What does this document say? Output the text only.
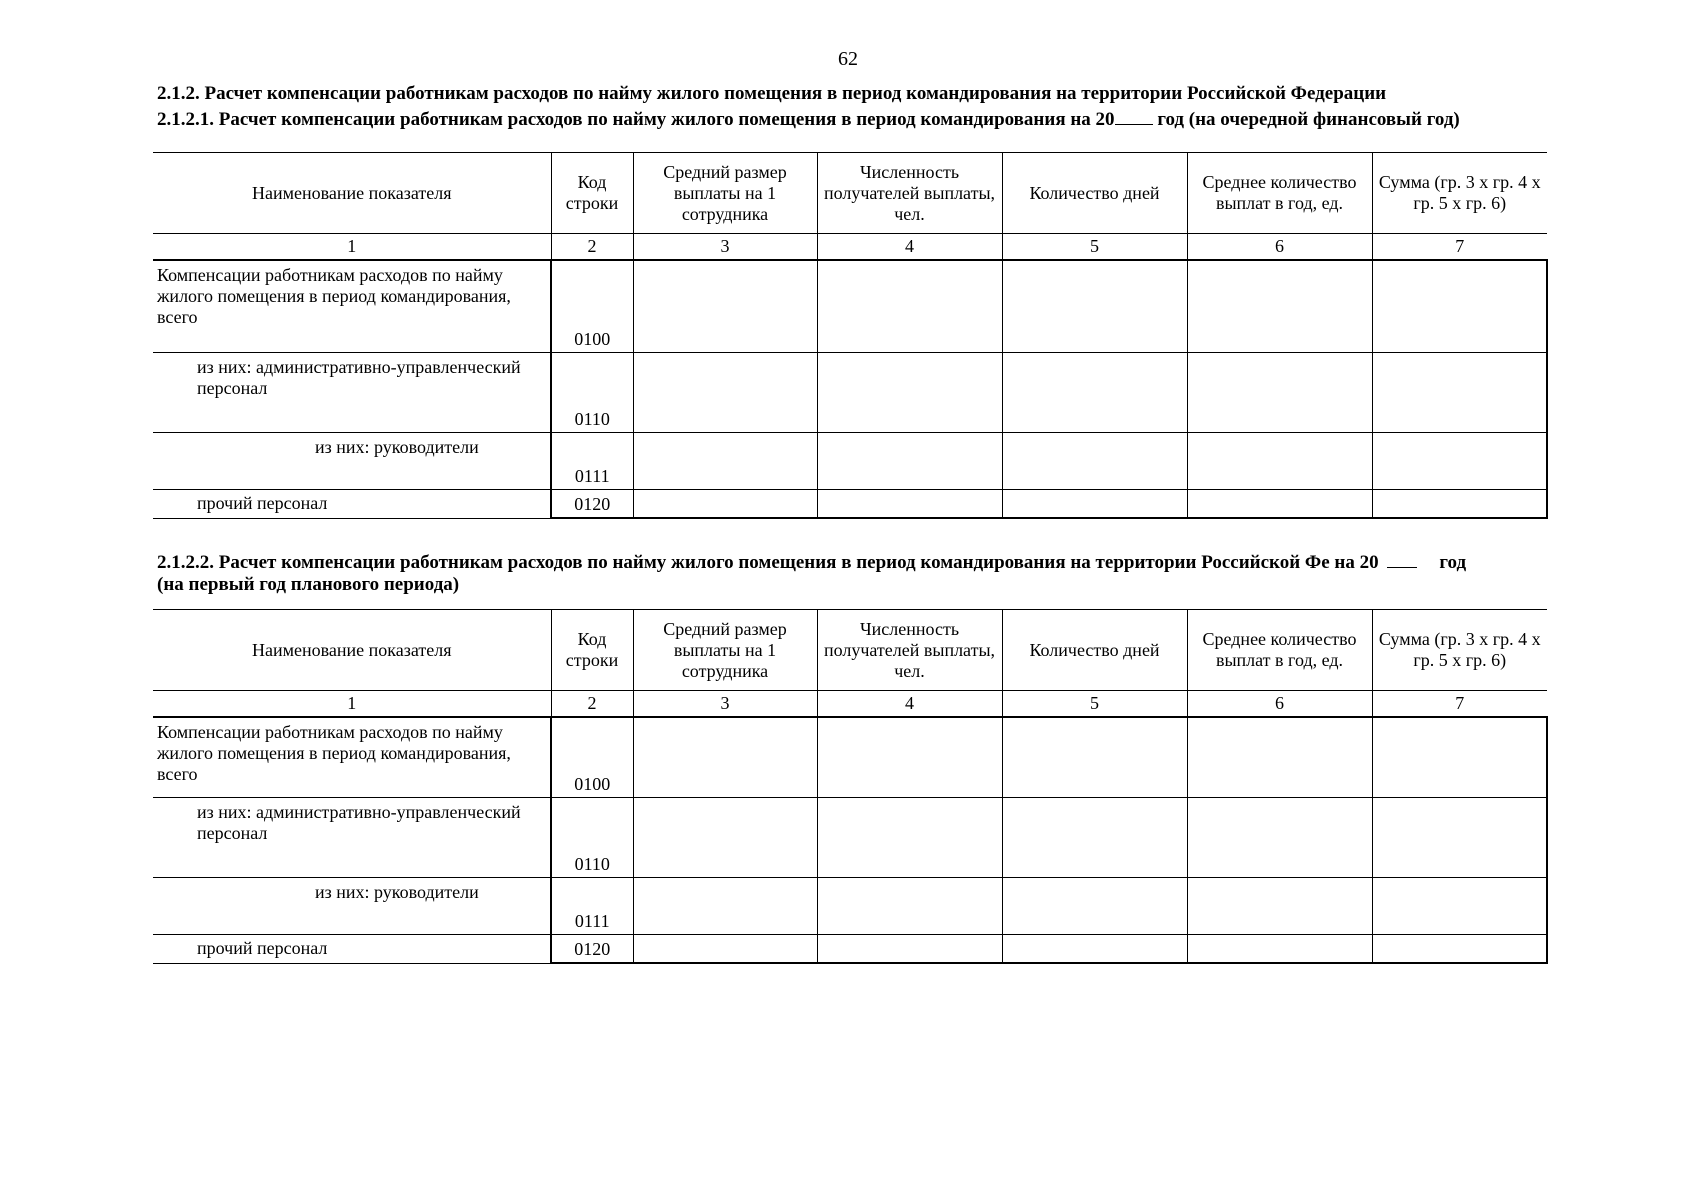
62
2.1.2. Расчет компенсации работникам расходов по найму жилого помещения в период командирования на территории Российской Федерации
2.1.2.1. Расчет компенсации работникам расходов по найму жилого помещения в период командирования на 20 год (на очередной финансовый год)
Наименование показателя	Код строки	Средний размер выплаты на 1 сотрудника	Численность получателей выплаты, чел.	Количество дней	Среднее количество выплат в год, ед.	Сумма (гр. 3 х гр. 4 х гр. 5 х гр. 6)
1	2	3	4	5	6	7
Компенсации работникам расходов по найму жилого помещения в период командирования, всего	0100					
из них: административно-управленческий персонал	0110					
из них: руководители	0111					
прочий персонал	0120					
2.1.2.2. Расчет компенсации работникам расходов по найму жилого помещения в период командирования на территории Российской Фе на 20	год
(на первый год планового периода)
Наименование показателя	Код строки	Средний размер выплаты на 1 сотрудника	Численность получателей выплаты, чел.	Количество дней	Среднее количество выплат в год, ед.	Сумма (гр. 3 х гр. 4 х гр. 5 х гр. 6)
1	2	3	4	5	6	7
Компенсации работникам расходов по найму жилого помещения в период командирования, всего	0100					
из них: административно-управленческий персонал	0110					
из них: руководители	0111					
прочий персонал	0120					
